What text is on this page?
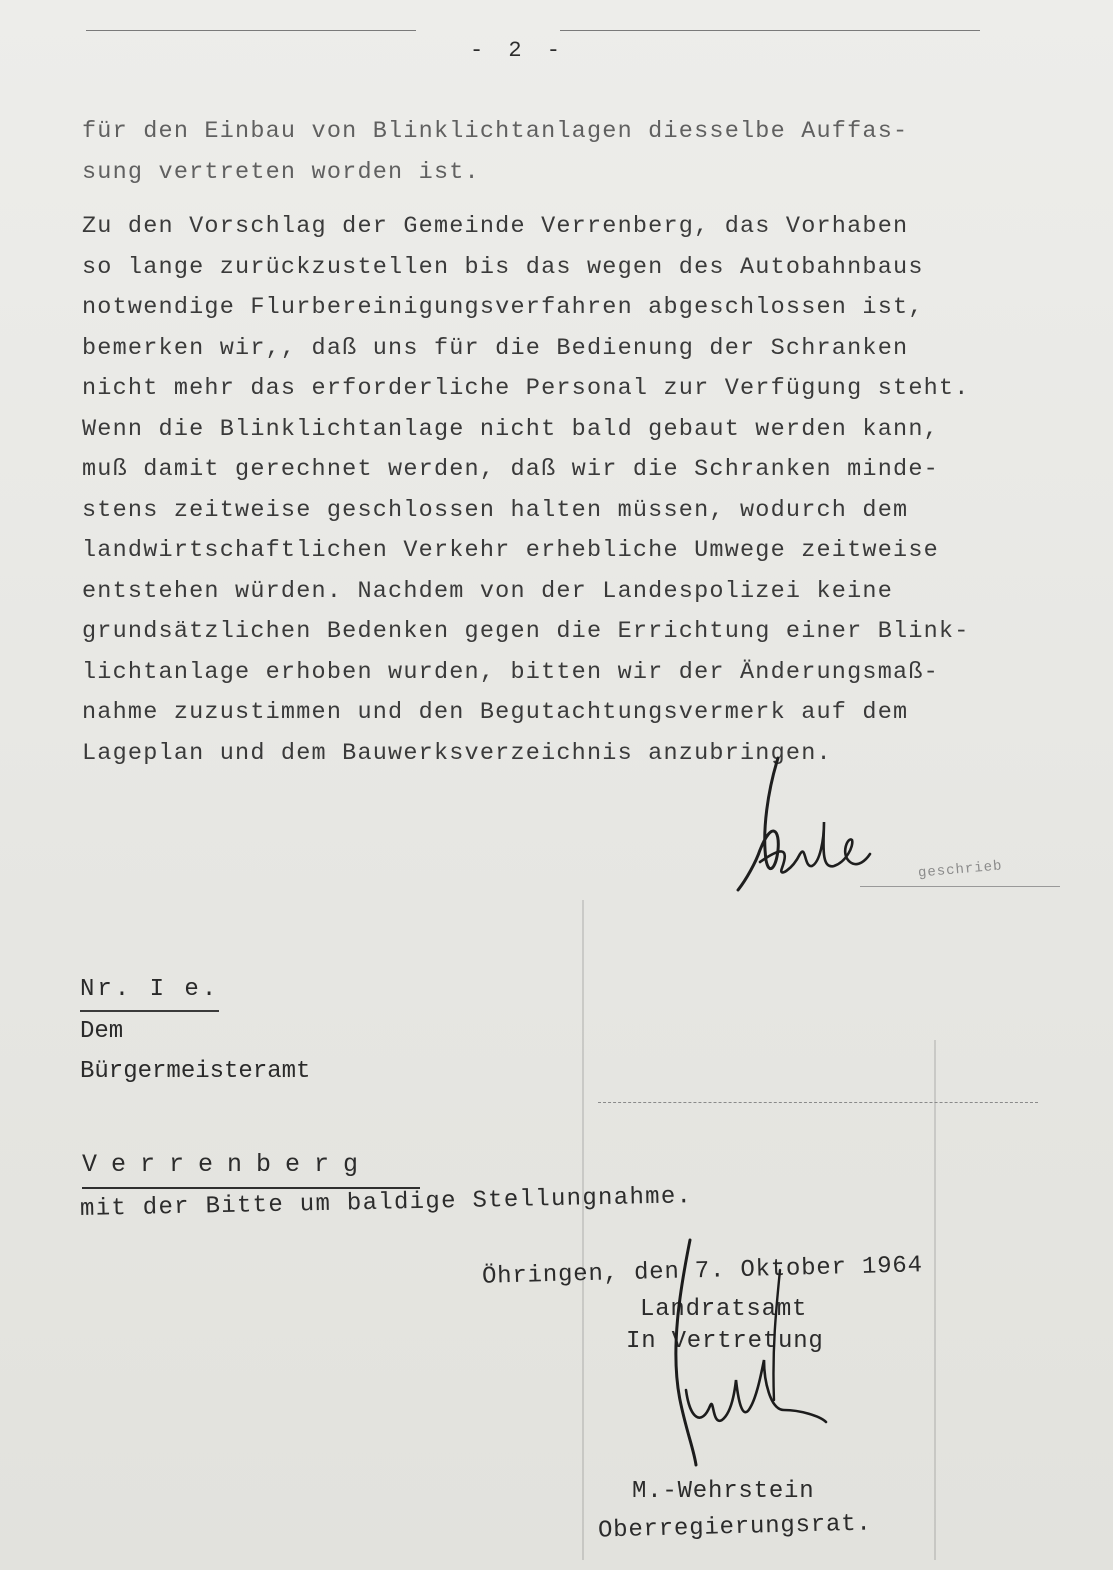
- 2 -

für den Einbau von Blinklichtanlagen diesselbe Auffas-
sung vertreten worden ist.

Zu den Vorschlag der Gemeinde Verrenberg, das Vorhaben
so lange zurückzustellen bis das wegen des Autobahnbaus
notwendige Flurbereinigungsverfahren abgeschlossen ist,
bemerken wir,, daß uns für die Bedienung der Schranken
nicht mehr das erforderliche Personal zur Verfügung steht.
Wenn die Blinklichtanlage nicht bald gebaut werden kann,
muß damit gerechnet werden, daß wir die Schranken minde-
stens zeitweise geschlossen halten müssen, wodurch dem
landwirtschaftlichen Verkehr erhebliche Umwege zeitweise
entstehen würden. Nachdem von der Landespolizei keine
grundsätzlichen Bedenken gegen die Errichtung einer Blink-
lichtanlage erhoben wurden, bitten wir der Änderungsmaß-
nahme zuzustimmen und den Begutachtungsvermerk auf dem
Lageplan und dem Bauwerksverzeichnis anzubringen.

geschrieb
Nr. I e.
Dem
Bürgermeisteramt
Verrenberg
mit der Bitte um baldige Stellungnahme.
Öhringen, den 7. Oktober 1964
Landratsamt
In Vertretung
M.-Wehrstein
Oberregierungsrat.
